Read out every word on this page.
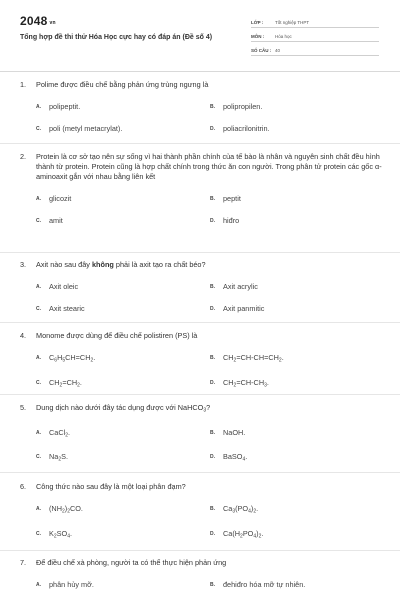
2048 vn
Tổng hợp đề thi thử Hóa Học cực hay có đáp án (Đề số 4)
LỚP :	Tốt nghiệp THPT
MÔN :	Hóa học
SỐ CÂU : 40
1.	Polime được điều chế bằng phản ứng trùng ngưng là
A.	polipeptit.	B.	polipropilen.
C.	poli (metyl metacrylat).	D.	poliacrilonitrin.
2.	Protein là cơ sở tạo nên sự sống vì hai thành phần chính của tế bào là nhân và nguyên sinh chất đều hình thành từ protein. Protein cũng là hợp chất chính trong thức ăn con người. Trong phân tử protein các gốc α-aminoaxit gắn với nhau bằng liên kết
A.	glicozit	B.	peptit
C.	amit	D.	hiđro
3.	Axit nào sau đây không phải là axit tạo ra chất béo?
A.	Axit oleic	B.	Axit acrylic
C.	Axit stearic	D.	Axit panmitic
4.	Monome được dùng để điều chế polistiren (PS) là
A.	$C_6H_5CH=CH_2$.	B.	$CH_2=CH-CH=CH_2$.
C.	$CH_2=CH_2$.	D.	$CH_2=CH-CH_3$.
5.	Dung dịch nào dưới đây tác dụng được với NaHCO$_3$?
A.	CaCl$_2$.	B.	NaOH.
C.	$Na_2S$.	D.	BaSO$_4$.
6.	Công thức nào sau đây là một loại phân đạm?
A.	$(NH_2)_2CO$.	B.	$Ca_3(PO_4)_2$.
C.	$K_2SO_4$.	D.	$Ca(H_2PO_4)_2$.
7.	Để điều chế xà phòng, người ta có thể thực hiện phản ứng
A.	phân hủy mỡ.	B.	đehiđro hóa mỡ tự nhiên.
